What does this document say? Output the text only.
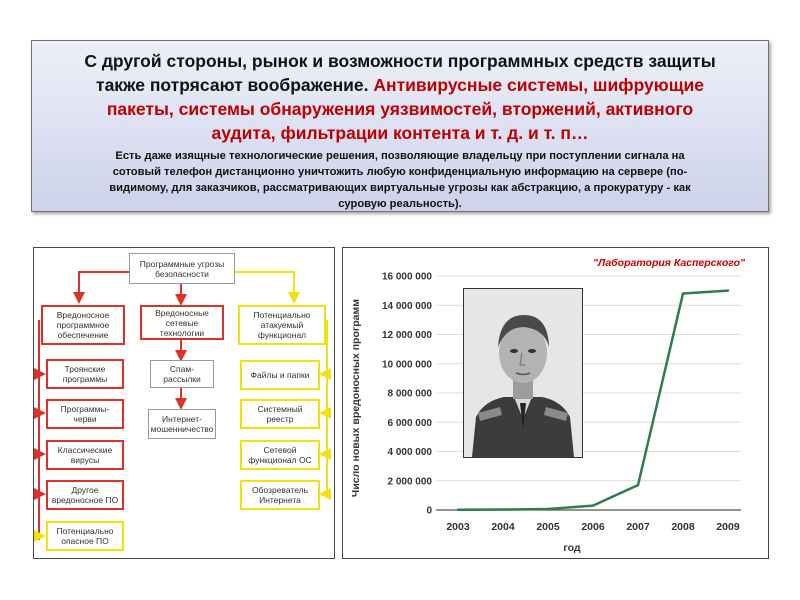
С другой стороны, рынок и возможности программных средств защиты
также потрясают воображение. Антивирусные системы, шифрующие
пакеты, системы обнаружения уязвимостей, вторжений, активного
аудита, фильтрации контента и т. д. и т. п…
Есть даже изящные технологические решения, позволяющие владельцу при поступлении сигнала на
сотовый телефон дистанционно уничтожить любую конфиденциальную информацию на сервере (по-
видимому, для заказчиков, рассматривающих виртуальные угрозы как абстракцию, а прокуратуру - как
суровую реальность).
Программные угрозы безопасности
Вредоносное программное обеспечение
Вредоносные сетевые технологии
Потенциально атакуемый функционал
Троянские программы
Программы-черви
Классические вирусы
Другое вредоносное ПО
Потенциально опасное ПО
Спам-рассылки
Интернет-мошенничество
Файлы и папки
Системный реестр
Сетевой функционал ОС
Обозреватель Интернета
0
2 000 000
4 000 000
6 000 000
8 000 000
10 000 000
12 000 000
14 000 000
16 000 000
2003 2004 2005 2006 2007 2008 2009
"Лаборатория Касперского"
Число новых вредоносных программ
год
